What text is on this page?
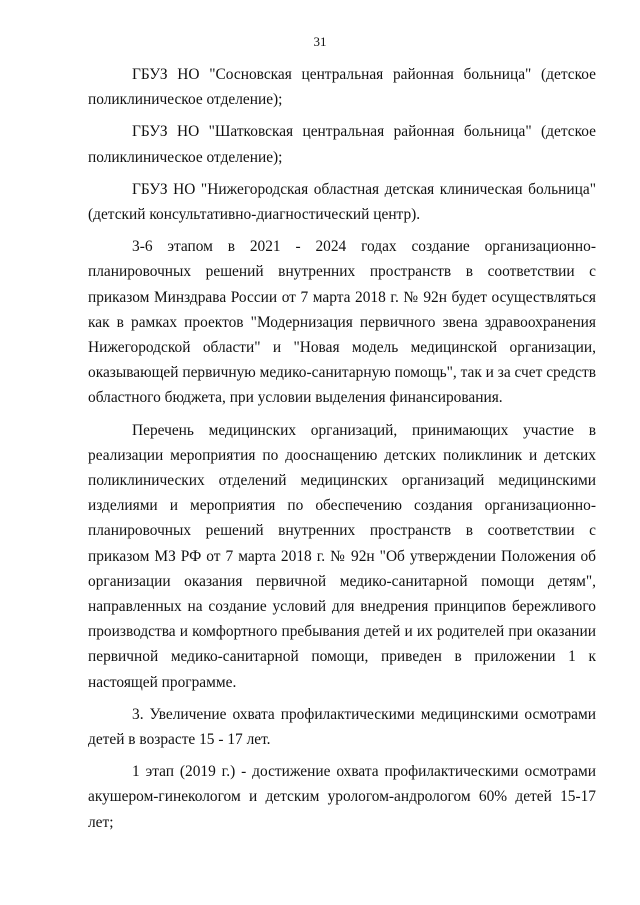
31

ГБУЗ НО "Сосновская центральная районная больница" (детское поликлиническое отделение);

ГБУЗ НО "Шатковская центральная районная больница" (детское поликлиническое отделение);

ГБУЗ НО "Нижегородская областная детская клиническая больница" (детский консультативно-диагностический центр).

3-6 этапом в 2021 - 2024 годах создание организационно-планировочных решений внутренних пространств в соответствии с приказом Минздрава России от 7 марта 2018 г. № 92н будет осуществляться как в рамках проектов "Модернизация первичного звена здравоохранения Нижегородской области" и "Новая модель медицинской организации, оказывающей первичную медико-санитарную помощь", так и за счет средств областного бюджета, при условии выделения финансирования.

Перечень медицинских организаций, принимающих участие в реализации мероприятия по дооснащению детских поликлиник и детских поликлинических отделений медицинских организаций медицинскими изделиями и мероприятия по обеспечению создания организационно-планировочных решений внутренних пространств в соответствии с приказом МЗ РФ от 7 марта 2018 г. № 92н "Об утверждении Положения об организации оказания первичной медико-санитарной помощи детям", направленных на создание условий для внедрения принципов бережливого производства и комфортного пребывания детей и их родителей при оказании первичной медико-санитарной помощи, приведен в приложении 1 к настоящей программе.

3. Увеличение охвата профилактическими медицинскими осмотрами детей в возрасте 15 - 17 лет.

1 этап (2019 г.) - достижение охвата профилактическими осмотрами акушером-гинекологом и детским урологом-андрологом 60% детей 15-17 лет;
